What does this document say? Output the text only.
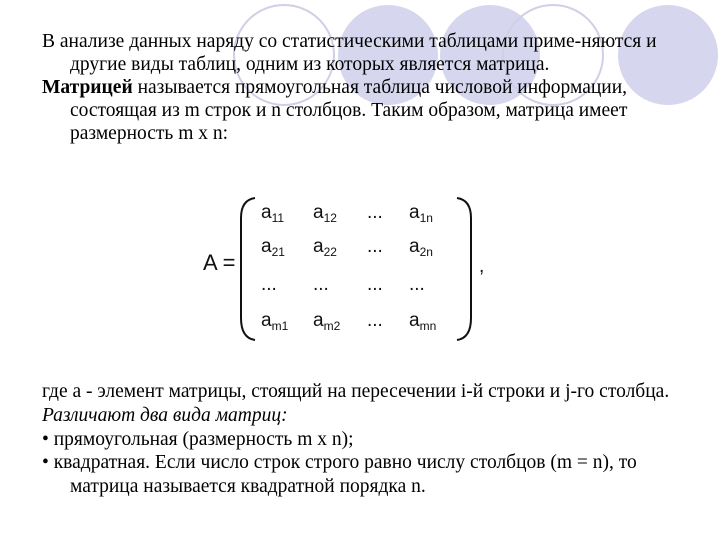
В анализе данных наряду со статистическими таблицами приме-няются и другие виды таблиц, одним из которых является матрица.

Матрицей называется прямоугольная таблица числовой информации, состоящая из m строк и n столбцов. Таким образом, матрица имеет размерность m x n:

A =
$a_{11}$ $a_{12}$ ... $a_{1n}$
$a_{21}$ $a_{22}$ ... $a_{2n}$
... ... ... ...
$a_{m1}$ $a_{m2}$ ... $a_{mn}$
,

где а - элемент матрицы, стоящий на пересечении i-й строки и j-го столбца.

Различают два вида матриц:

• прямоугольная (размерность m x n);

• квадратная. Если число строк строго равно числу столбцов (m = n), то матрица называется квадратной порядка n.
